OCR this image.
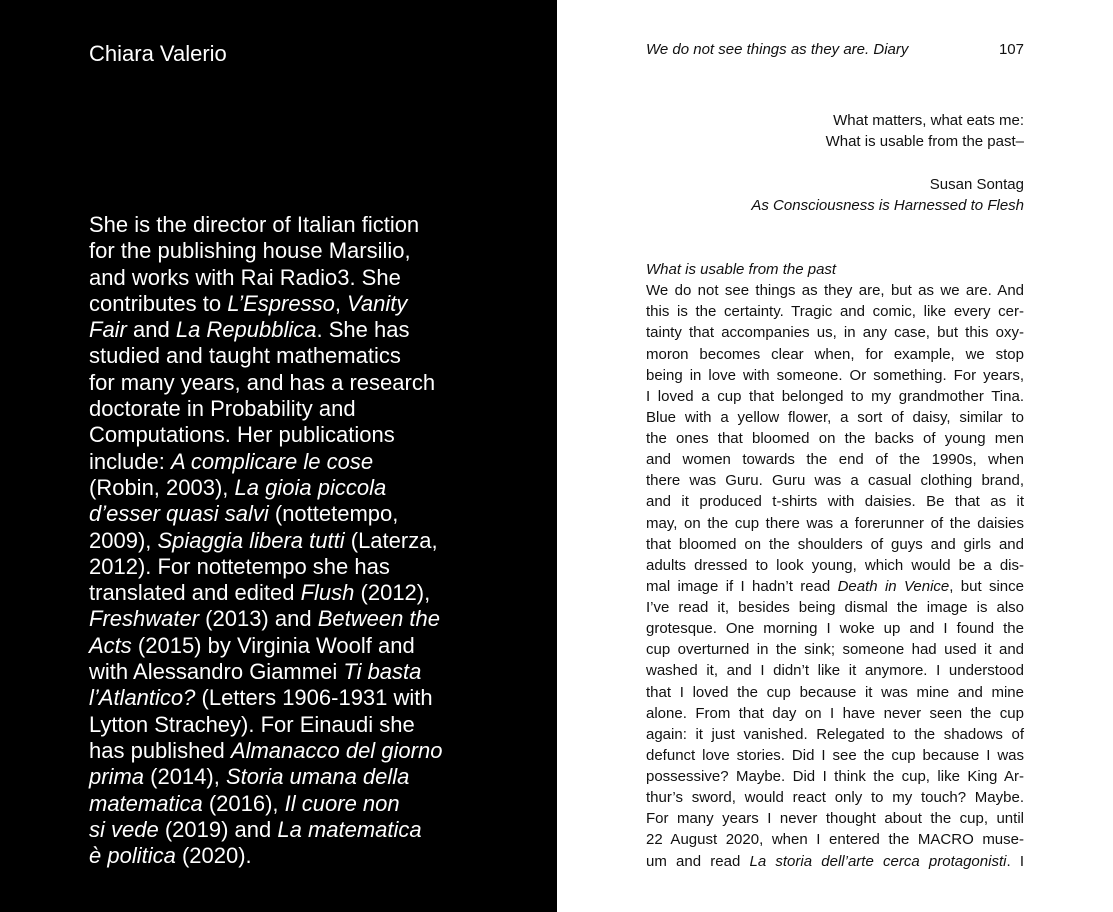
Chiara Valerio

She is the director of Italian fiction
for the publishing house Marsilio,
and works with Rai Radio3. She
contributes to L’Espresso, Vanity
Fair and La Repubblica. She has
studied and taught mathematics
for many years, and has a research
doctorate in Probability and
Computations. Her publications
include: A complicare le cose
(Robin, 2003), La gioia piccola
d’esser quasi salvi (nottetempo,
2009), Spiaggia libera tutti (Laterza,
2012). For nottetempo she has
translated and edited Flush (2012),
Freshwater (2013) and Between the
Acts (2015) by Virginia Woolf and
with Alessandro Giammei Ti basta
l’Atlantico? (Letters 1906-1931 with
Lytton Strachey). For Einaudi she
has published Almanacco del giorno
prima (2014), Storia umana della
matematica (2016), Il cuore non
si vede (2019) and La matematica
è politica (2020).

We do not see things as they are. Diary	107
What matters, what eats me:
What is usable from the past–
Susan Sontag
As Consciousness is Harnessed to Flesh
What is usable from the past
We do not see things as they are, but as we are. And
this is the certainty. Tragic and comic, like every cer-
tainty that accompanies us, in any case, but this oxy-
moron becomes clear when, for example, we stop
being in love with someone. Or something. For years,
I loved a cup that belonged to my grandmother Tina.
Blue with a yellow flower, a sort of daisy, similar to
the ones that bloomed on the backs of young men
and women towards the end of the 1990s, when
there was Guru. Guru was a casual clothing brand,
and it produced t-shirts with daisies. Be that as it
may, on the cup there was a forerunner of the daisies
that bloomed on the shoulders of guys and girls and
adults dressed to look young, which would be a dis-
mal image if I hadn’t read Death in Venice, but since
I’ve read it, besides being dismal the image is also
grotesque. One morning I woke up and I found the
cup overturned in the sink; someone had used it and
washed it, and I didn’t like it anymore. I understood
that I loved the cup because it was mine and mine
alone. From that day on I have never seen the cup
again: it just vanished. Relegated to the shadows of
defunct love stories. Did I see the cup because I was
possessive? Maybe. Did I think the cup, like King Ar-
thur’s sword, would react only to my touch? Maybe.
For many years I never thought about the cup, until
22 August 2020, when I entered the MACRO muse-
um and read La storia dell’arte cerca protagonisti. I
